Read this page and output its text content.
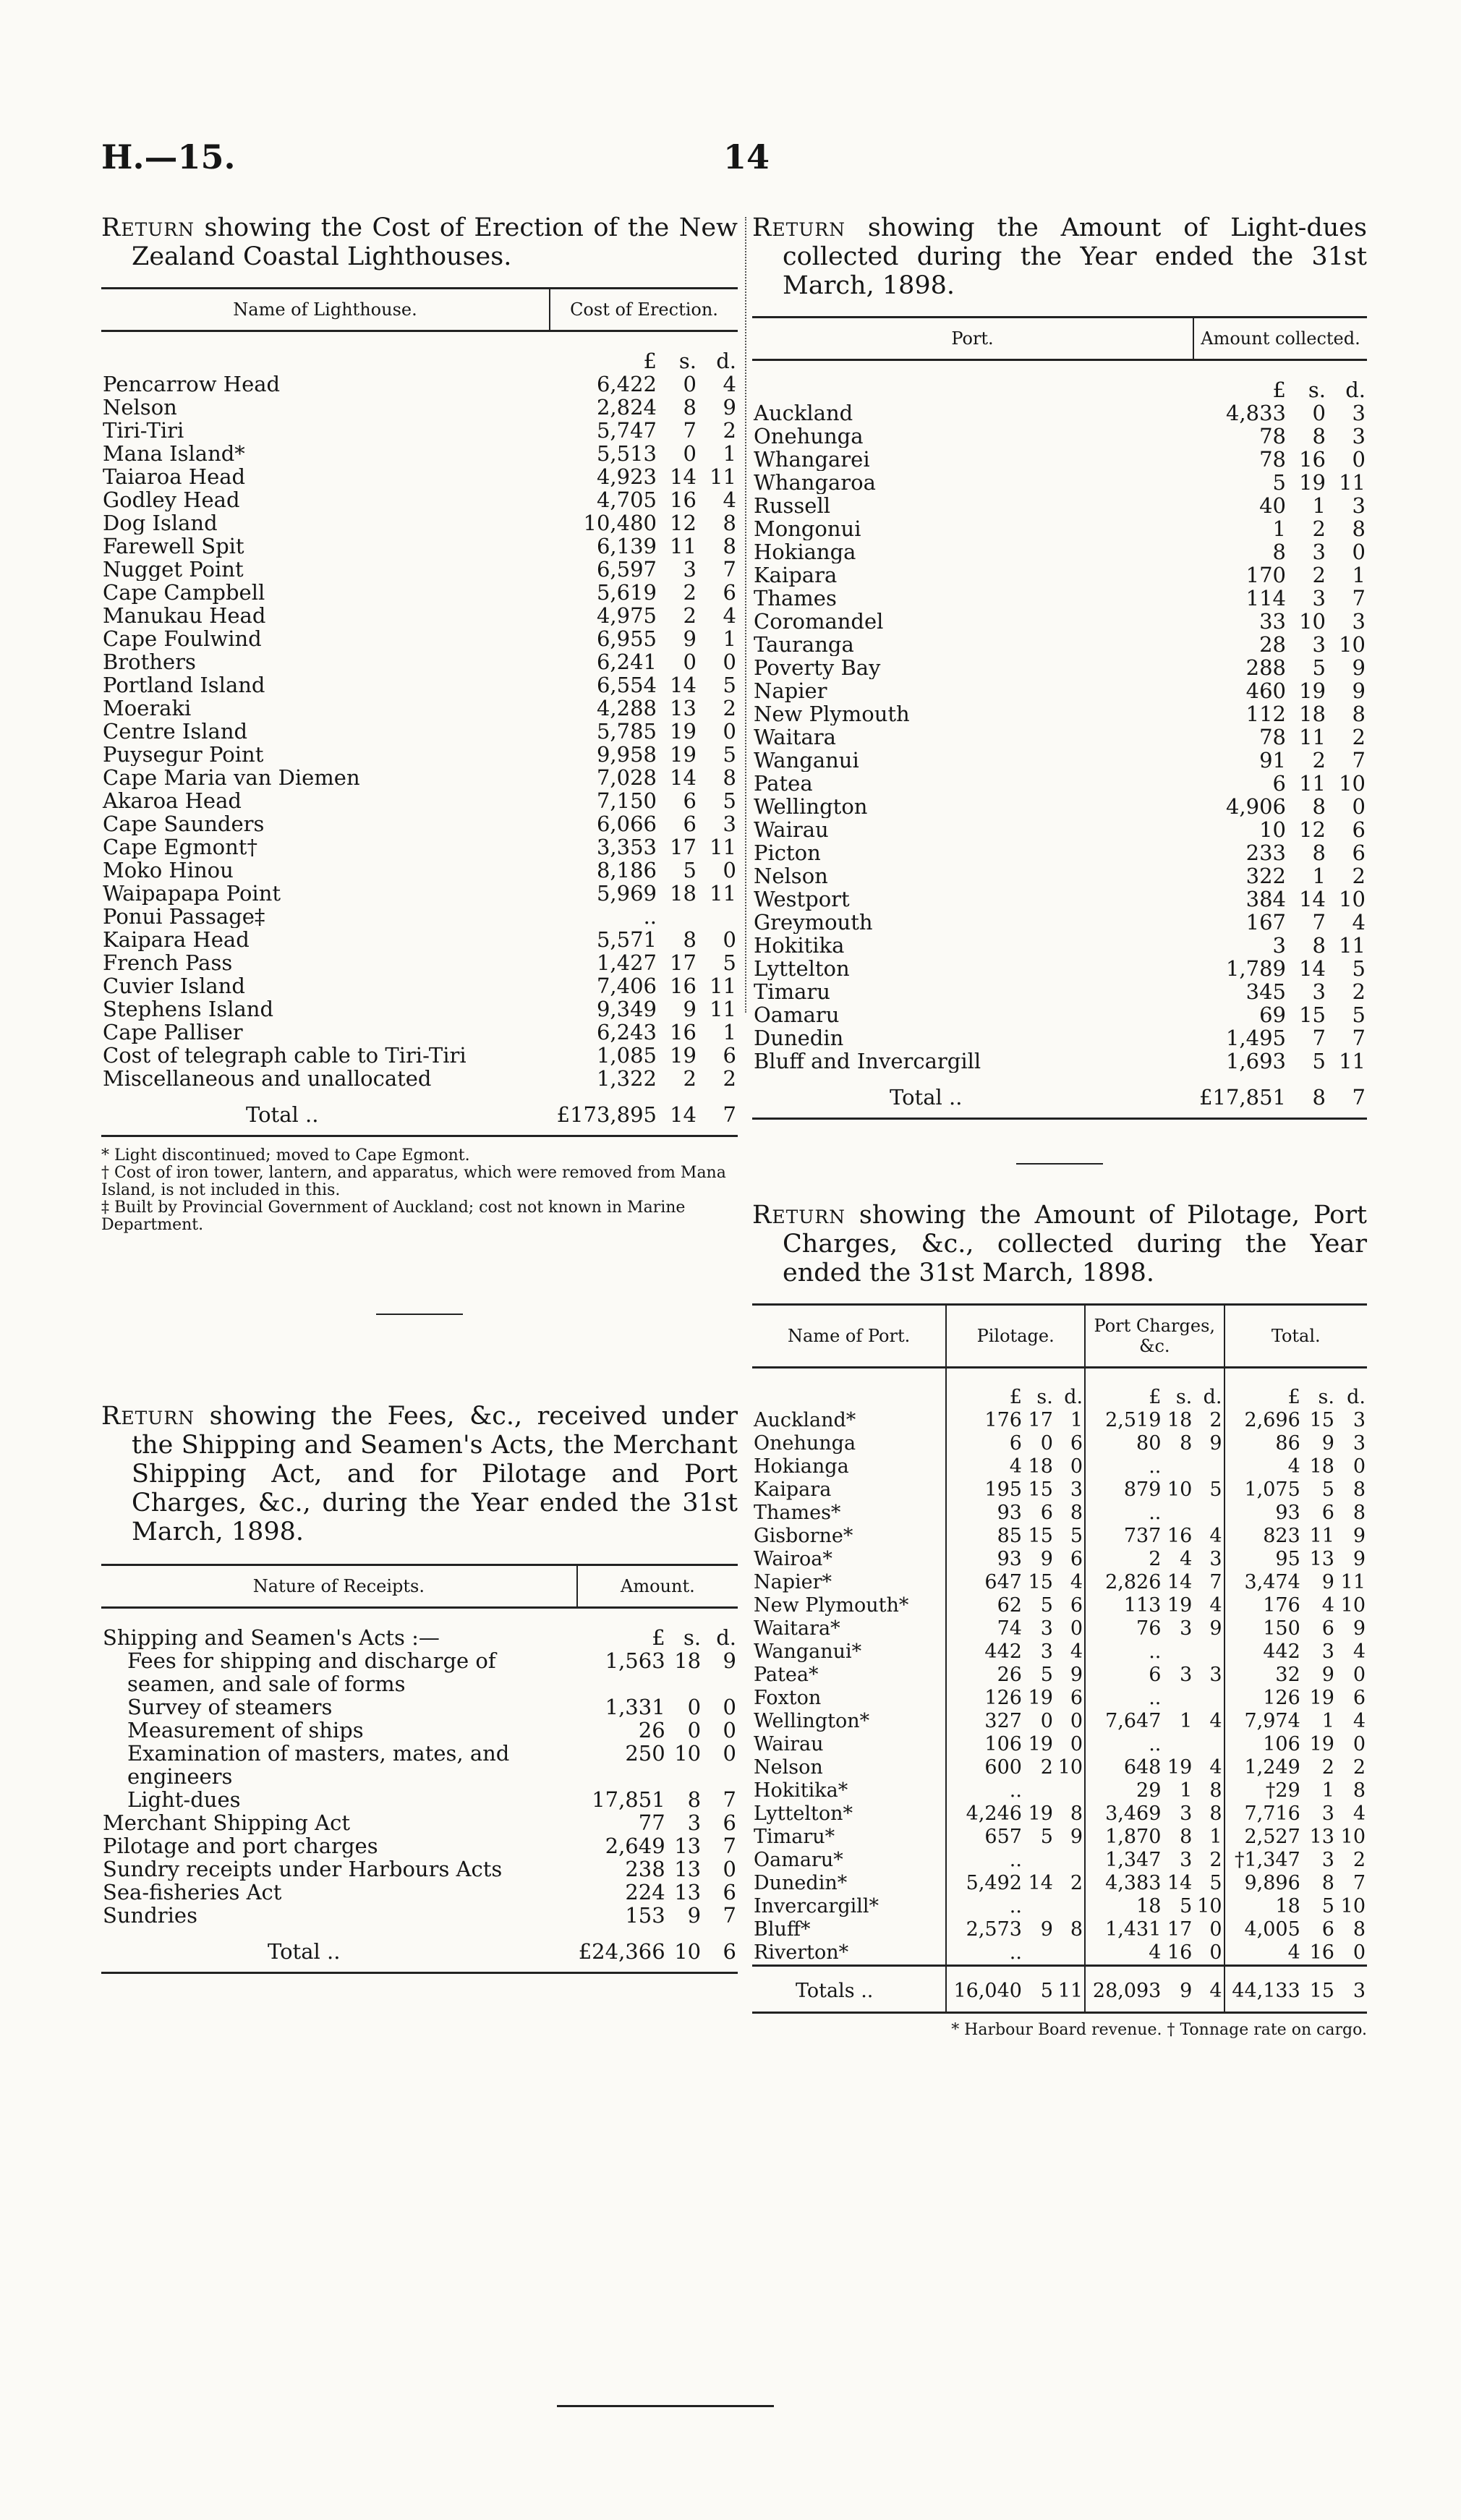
H.—15.	14
Return showing the Cost of Erection of the New Zealand Coastal Lighthouses.
Name of Lighthouse.	Cost of Erection.		
	£	s.	d.
Pencarrow Head	6,422	0	4
Nelson	2,824	8	9
Tiri-Tiri	5,747	7	2
Mana Island*	5,513	0	1
Taiaroa Head	4,923	14	11
Godley Head	4,705	16	4
Dog Island	10,480	12	8
Farewell Spit	6,139	11	8
Nugget Point	6,597	3	7
Cape Campbell	5,619	2	6
Manukau Head	4,975	2	4
Cape Foulwind	6,955	9	1
Brothers	6,241	0	0
Portland Island	6,554	14	5
Moeraki	4,288	13	2
Centre Island	5,785	19	0
Puysegur Point	9,958	19	5
Cape Maria van Diemen	7,028	14	8
Akaroa Head	7,150	6	5
Cape Saunders	6,066	6	3
Cape Egmont†	3,353	17	11
Moko Hinou	8,186	5	0
Waipapapa Point	5,969	18	11
Ponui Passage‡	..		
Kaipara Head	5,571	8	0
French Pass	1,427	17	5
Cuvier Island	7,406	16	11
Stephens Island	9,349	9	11
Cape Palliser	6,243	16	1
Cost of telegraph cable to Tiri-Tiri	1,085	19	6
Miscellaneous and unallocated	1,322	2	2
Total ..	£173,895	14	7
* Light discontinued; moved to Cape Egmont.
† Cost of iron tower, lantern, and apparatus, which were removed from Mana Island, is not included in this.
‡ Built by Provincial Government of Auckland; cost not known in Marine Department.
Return showing the Fees, &c., received under the Shipping and Seamen's Acts, the Merchant Shipping Act, and for Pilotage and Port Charges, &c., during the Year ended the 31st March, 1898.
Nature of Receipts.	Amount.		
Shipping and Seamen's Acts :—	£	s.	d.
Fees for shipping and discharge of seamen, and sale of forms	1,563	18	9
Survey of steamers	1,331	0	0
Measurement of ships	26	0	0
Examination of masters, mates, and engineers	250	10	0
Light-dues	17,851	8	7
Merchant Shipping Act	77	3	6
Pilotage and port charges	2,649	13	7
Sundry receipts under Harbours Acts	238	13	0
Sea-fisheries Act	224	13	6
Sundries	153	9	7
Total ..	£24,366	10	6
Return showing the Amount of Light-dues collected during the Year ended the 31st March, 1898.
Port.	Amount collected.		
	£	s.	d.
Auckland	4,833	0	3
Onehunga	78	8	3
Whangarei	78	16	0
Whangaroa	5	19	11
Russell	40	1	3
Mongonui	1	2	8
Hokianga	8	3	0
Kaipara	170	2	1
Thames	114	3	7
Coromandel	33	10	3
Tauranga	28	3	10
Poverty Bay	288	5	9
Napier	460	19	9
New Plymouth	112	18	8
Waitara	78	11	2
Wanganui	91	2	7
Patea	6	11	10
Wellington	4,906	8	0
Wairau	10	12	6
Picton	233	8	6
Nelson	322	1	2
Westport	384	14	10
Greymouth	167	7	4
Hokitika	3	8	11
Lyttelton	1,789	14	5
Timaru	345	3	2
Oamaru	69	15	5
Dunedin	1,495	7	7
Bluff and Invercargill	1,693	5	11
Total ..	£17,851	8	7
Return showing the Amount of Pilotage, Port Charges, &c., collected during the Year ended the 31st March, 1898.
Name of Port.	Pilotage.			Port Charges, &c.			Total.		
	£	s.	d.	£	s.	d.	£	s.	d.
Auckland*	176	17	1	2,519	18	2	2,696	15	3
Onehunga	6	0	6	80	8	9	86	9	3
Hokianga	4	18	0	..			4	18	0
Kaipara	195	15	3	879	10	5	1,075	5	8
Thames*	93	6	8	..			93	6	8
Gisborne*	85	15	5	737	16	4	823	11	9
Wairoa*	93	9	6	2	4	3	95	13	9
Napier*	647	15	4	2,826	14	7	3,474	9	11
New Plymouth*	62	5	6	113	19	4	176	4	10
Waitara*	74	3	0	76	3	9	150	6	9
Wanganui*	442	3	4	..			442	3	4
Patea*	26	5	9	6	3	3	32	9	0
Foxton	126	19	6	..			126	19	6
Wellington*	327	0	0	7,647	1	4	7,974	1	4
Wairau	106	19	0	..			106	19	0
Nelson	600	2	10	648	19	4	1,249	2	2
Hokitika*	..			29	1	8	†29	1	8
Lyttelton*	4,246	19	8	3,469	3	8	7,716	3	4
Timaru*	657	5	9	1,870	8	1	2,527	13	10
Oamaru*	..			1,347	3	2	†1,347	3	2
Dunedin*	5,492	14	2	4,383	14	5	9,896	8	7
Invercargill*	..			18	5	10	18	5	10
Bluff*	2,573	9	8	1,431	17	0	4,005	6	8
Riverton*	..			4	16	0	4	16	0
Totals ..	16,040	5	11	28,093	9	4	44,133	15	3
* Harbour Board revenue. † Tonnage rate on cargo.
